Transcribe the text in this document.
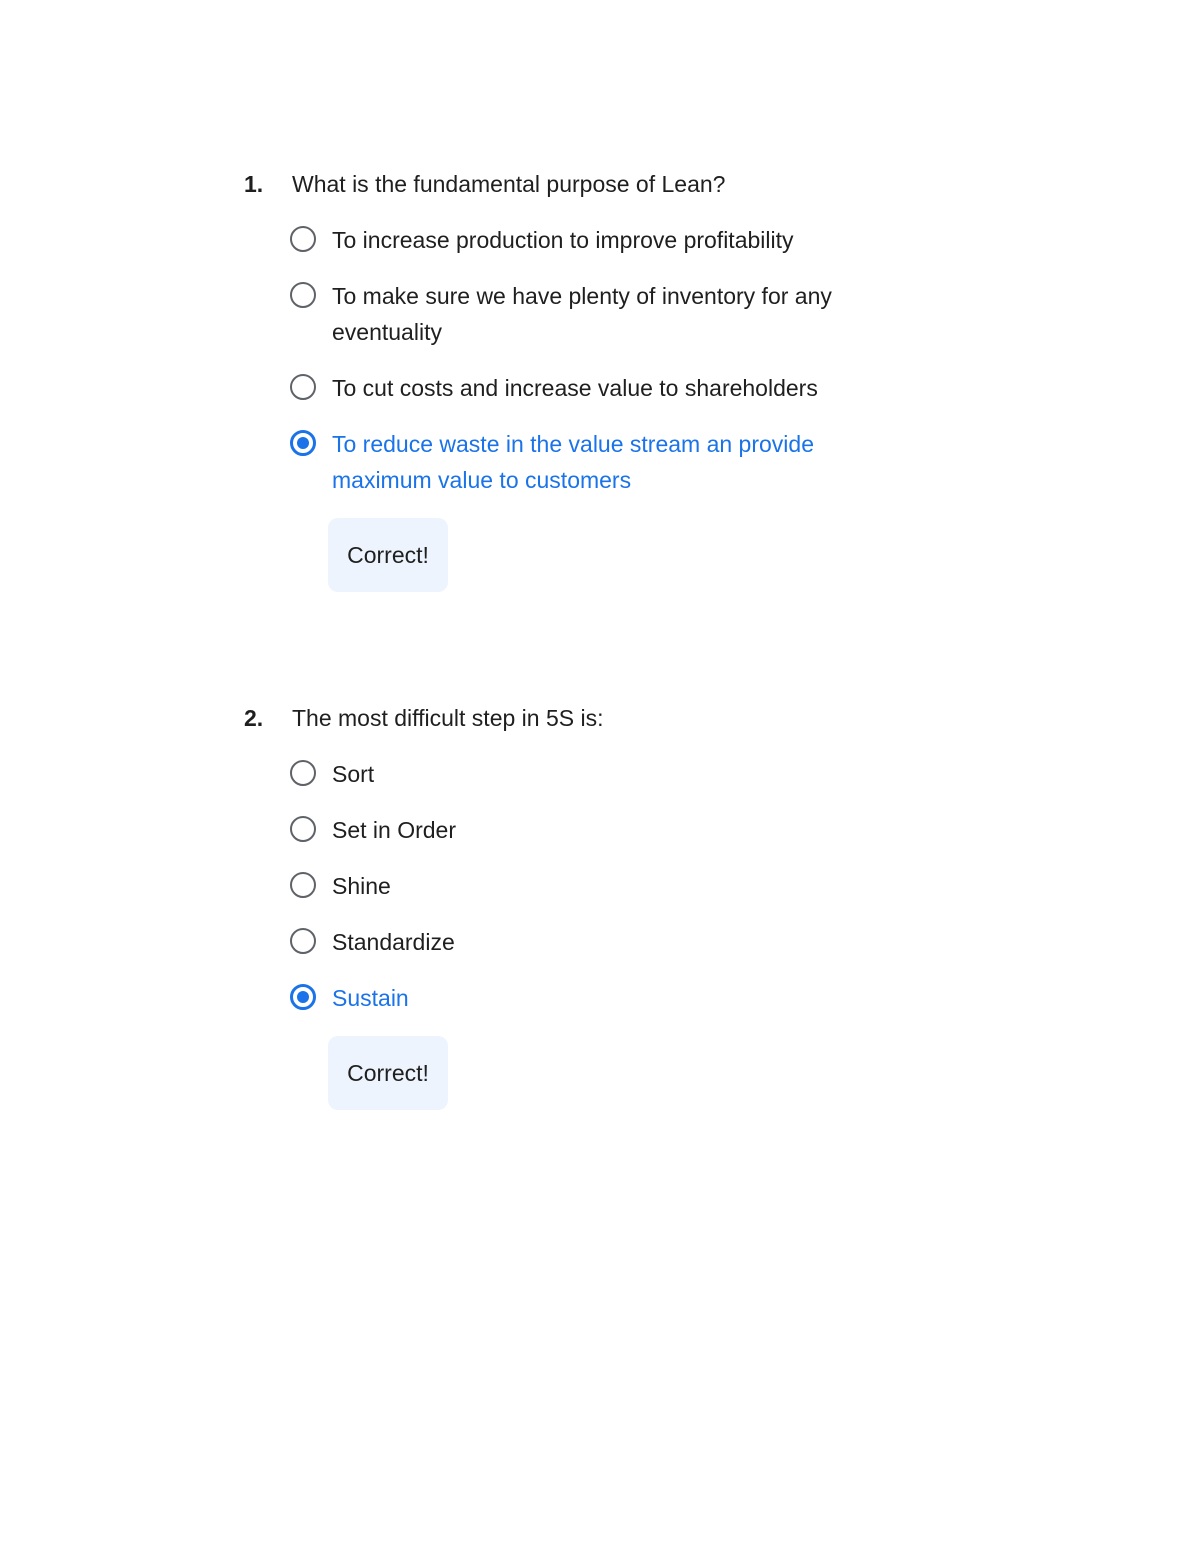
1.	What is the fundamental purpose of Lean?
To increase production to improve profitability
To make sure we have plenty of inventory for any eventuality
To cut costs and increase value to shareholders
To reduce waste in the value stream an provide maximum value to customers
Correct!
2.	The most difficult step in 5S is:
Sort
Set in Order
Shine
Standardize
Sustain
Correct!
